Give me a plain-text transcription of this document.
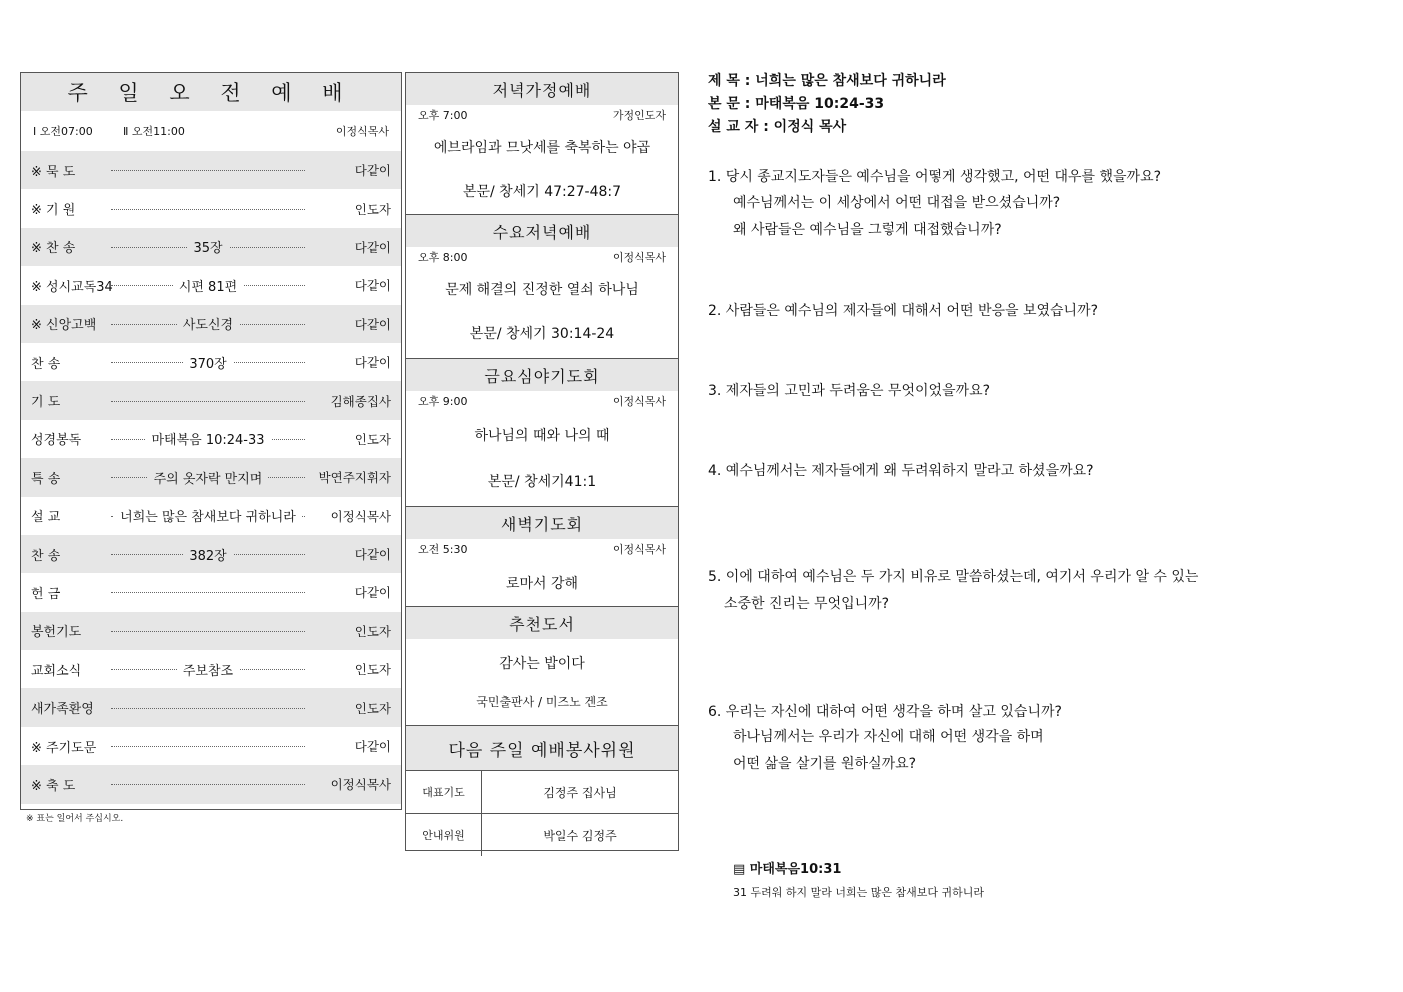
주 일 오 전 예 배
Ⅰ 오전07:00	Ⅱ 오전11:00	이정식목사
※ 묵 도	다같이
※ 기 원	인도자
※ 찬 송	35장	다같이
※ 성시교독34	시편 81편	다같이
※ 신앙고백	사도신경	다같이
찬 송	370장	다같이
기 도	김해종집사
성경봉독	마태복음 10:24-33	인도자
특 송	주의 옷자락 만지며	박연주지휘자
설 교	너희는 많은 참새보다 귀하니라	이정식목사
찬 송	382장	다같이
헌 금	다같이
봉헌기도	인도자
교회소식	주보참조	인도자
새가족환영	인도자
※ 주기도문	다같이
※ 축 도	이정식목사
※ 표는 일어서 주십시오.
저녁가정예배
오후 7:00	가정인도자
에브라임과 므낫세를 축복하는 야곱
본문/ 창세기 47:27-48:7
수요저녁예배
오후 8:00	이정식목사
문제 해결의 진정한 열쇠 하나님
본문/ 창세기 30:14-24
금요심야기도회
오후 9:00	이정식목사
하나님의 때와 나의 때
본문/ 창세기41:1
새벽기도회
오전 5:30	이정식목사
로마서 강해
추천도서
감사는 밥이다
국민출판사 / 미즈노 겐조
다음 주일 예배봉사위원
대표기도	김정주 집사님
안내위원	박일수 김정주
제 목 : 너희는 많은 참새보다 귀하니라
본 문 : 마태복음 10:24-33
설 교 자 : 이정식 목사
1. 당시 종교지도자들은 예수님을 어떻게 생각했고, 어떤 대우를 했을까요?
예수님께서는 이 세상에서 어떤 대접을 받으셨습니까?
왜 사람들은 예수님을 그렇게 대접했습니까?
2. 사람들은 예수님의 제자들에 대해서 어떤 반응을 보였습니까?
3. 제자들의 고민과 두려움은 무엇이었을까요?
4. 예수님께서는 제자들에게 왜 두려워하지 말라고 하셨을까요?
5. 이에 대하여 예수님은 두 가지 비유로 말씀하셨는데, 여기서 우리가 알 수 있는
소중한 진리는 무엇입니까?
6. 우리는 자신에 대하여 어떤 생각을 하며 살고 있습니까?
하나님께서는 우리가 자신에 대해 어떤 생각을 하며
어떤 삶을 살기를 원하실까요?
▤ 마태복음10:31
31 두려워 하지 말라 너희는 많은 참새보다 귀하니라
